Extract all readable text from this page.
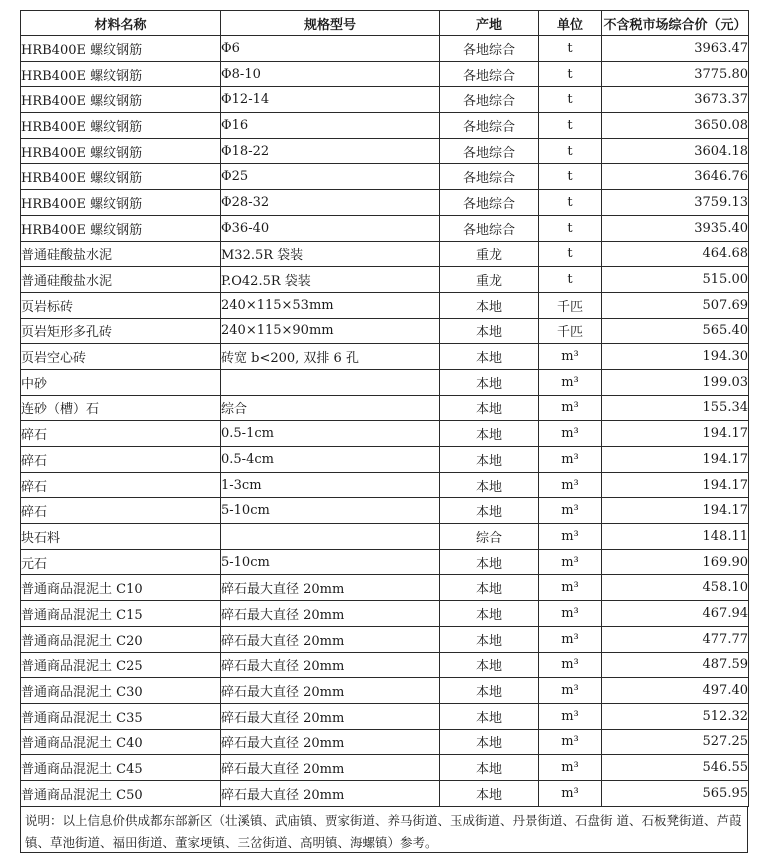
材料名称	规格型号	产地	单位	不含税市场综合价（元）
HRB400E 螺纹钢筋	Φ6	各地综合	t	3963.47
HRB400E 螺纹钢筋	Φ8-10	各地综合	t	3775.80
HRB400E 螺纹钢筋	Φ12-14	各地综合	t	3673.37
HRB400E 螺纹钢筋	Φ16	各地综合	t	3650.08
HRB400E 螺纹钢筋	Φ18-22	各地综合	t	3604.18
HRB400E 螺纹钢筋	Φ25	各地综合	t	3646.76
HRB400E 螺纹钢筋	Φ28-32	各地综合	t	3759.13
HRB400E 螺纹钢筋	Φ36-40	各地综合	t	3935.40
普通硅酸盐水泥	M32.5R 袋装	重龙	t	464.68
普通硅酸盐水泥	P.O42.5R 袋装	重龙	t	515.00
页岩标砖	240×115×53mm	本地	千匹	507.69
页岩矩形多孔砖	240×115×90mm	本地	千匹	565.40
页岩空心砖	砖宽 b<200, 双排 6 孔	本地	m³	194.30
中砂		本地	m³	199.03
连砂（槽）石	综合	本地	m³	155.34
碎石	0.5-1cm	本地	m³	194.17
碎石	0.5-4cm	本地	m³	194.17
碎石	1-3cm	本地	m³	194.17
碎石	5-10cm	本地	m³	194.17
块石料		综合	m³	148.11
元石	5-10cm	本地	m³	169.90
普通商品混泥土 C10	碎石最大直径 20mm	本地	m³	458.10
普通商品混泥土 C15	碎石最大直径 20mm	本地	m³	467.94
普通商品混泥土 C20	碎石最大直径 20mm	本地	m³	477.77
普通商品混泥土 C25	碎石最大直径 20mm	本地	m³	487.59
普通商品混泥土 C30	碎石最大直径 20mm	本地	m³	497.40
普通商品混泥土 C35	碎石最大直径 20mm	本地	m³	512.32
普通商品混泥土 C40	碎石最大直径 20mm	本地	m³	527.25
普通商品混泥土 C45	碎石最大直径 20mm	本地	m³	546.55
普通商品混泥土 C50	碎石最大直径 20mm	本地	m³	565.95
说明：以上信息价供成都东部新区（壮溪镇、武庙镇、贾家街道、养马街道、玉成街道、丹景街道、石盘街 道、石板凳街道、芦葭镇、草池街道、福田街道、董家埂镇、三岔街道、高明镇、海螺镇）参考。
